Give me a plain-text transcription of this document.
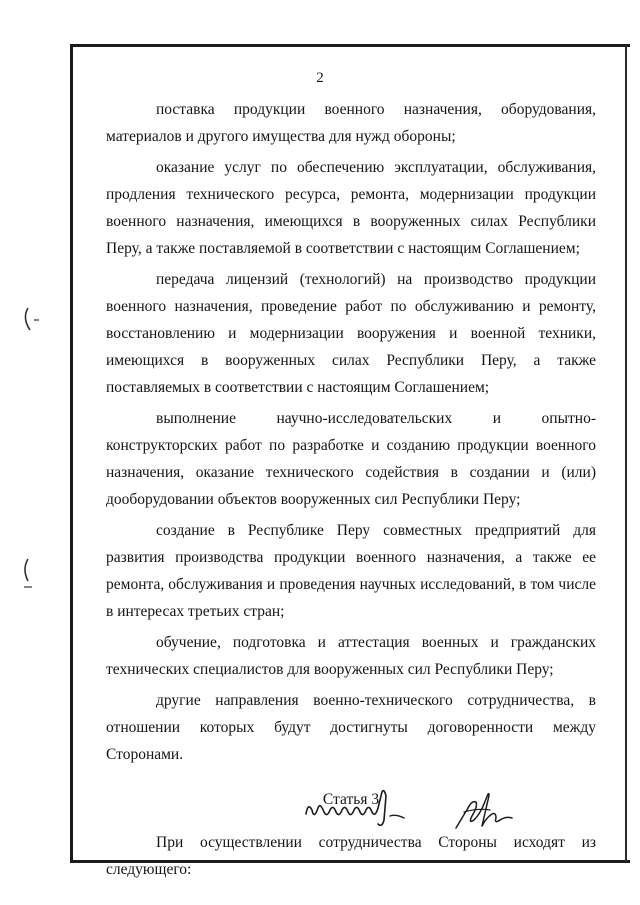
2

поставка продукции военного назначения, оборудования, материалов и другого имущества для нужд обороны;

оказание услуг по обеспечению эксплуатации, обслуживания, продления технического ресурса, ремонта, модернизации продукции военного назначения, имеющихся в вооруженных силах Республики Перу, а также поставляемой в соответствии с настоящим Соглашением;

передача лицензий (технологий) на производство продукции военного назначения, проведение работ по обслуживанию и ремонту, восстановлению и модернизации вооружения и военной техники, имеющихся в вооруженных силах Республики Перу, а также поставляемых в соответствии с настоящим Соглашением;

выполнение научно-исследовательских и опытно-конструкторских работ по разработке и созданию продукции военного назначения, оказание технического содействия в создании и (или) дооборудовании объектов вооруженных сил Республики Перу;

создание в Республике Перу совместных предприятий для развития производства продукции военного назначения, а также ее ремонта, обслуживания и проведения научных исследований, в том числе в интересах третьих стран;

обучение, подготовка и аттестация военных и гражданских технических специалистов для вооруженных сил Республики Перу;

другие направления военно-технического сотрудничества, в отношении которых будут достигнуты договоренности между Сторонами.

Статья 3

При осуществлении сотрудничества Стороны исходят из следующего:
